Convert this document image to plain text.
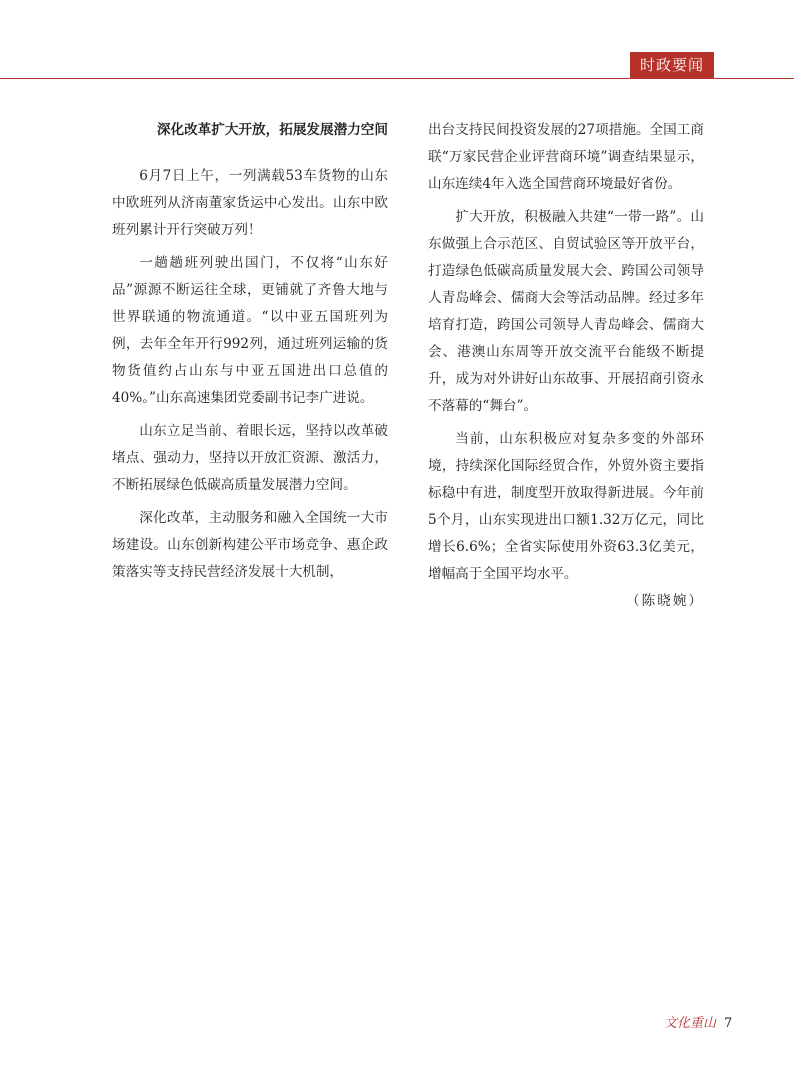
时政要闻
深化改革扩大开放，拓展发展潜力空间

6月7日上午，一列满载53车货物的山东中欧班列从济南董家货运中心发出。山东中欧班列累计开行突破万列！

一趟趟班列驶出国门，不仅将“山东好品”源源不断运往全球，更铺就了齐鲁大地与世界联通的物流通道。“以中亚五国班列为例，去年全年开行992列，通过班列运输的货物货值约占山东与中亚五国进出口总值的40%。”山东高速集团党委副书记李广进说。

山东立足当前、着眼长远，坚持以改革破堵点、强动力，坚持以开放汇资源、激活力，不断拓展绿色低碳高质量发展潜力空间。

深化改革，主动服务和融入全国统一大市场建设。山东创新构建公平市场竞争、惠企政策落实等支持民营经济发展十大机制，

出台支持民间投资发展的27项措施。全国工商联“万家民营企业评营商环境”调查结果显示，山东连续4年入选全国营商环境最好省份。

扩大开放，积极融入共建“一带一路”。山东做强上合示范区、自贸试验区等开放平台，打造绿色低碳高质量发展大会、跨国公司领导人青岛峰会、儒商大会等活动品牌。经过多年培育打造，跨国公司领导人青岛峰会、儒商大会、港澳山东周等开放交流平台能级不断提升，成为对外讲好山东故事、开展招商引资永不落幕的“舞台”。

当前，山东积极应对复杂多变的外部环境，持续深化国际经贸合作，外贸外资主要指标稳中有进，制度型开放取得新进展。今年前5个月，山东实现进出口额1.32万亿元，同比增长6.6%；全省实际使用外资63.3亿美元，增幅高于全国平均水平。

（陈晓婉）

文化重山 7
